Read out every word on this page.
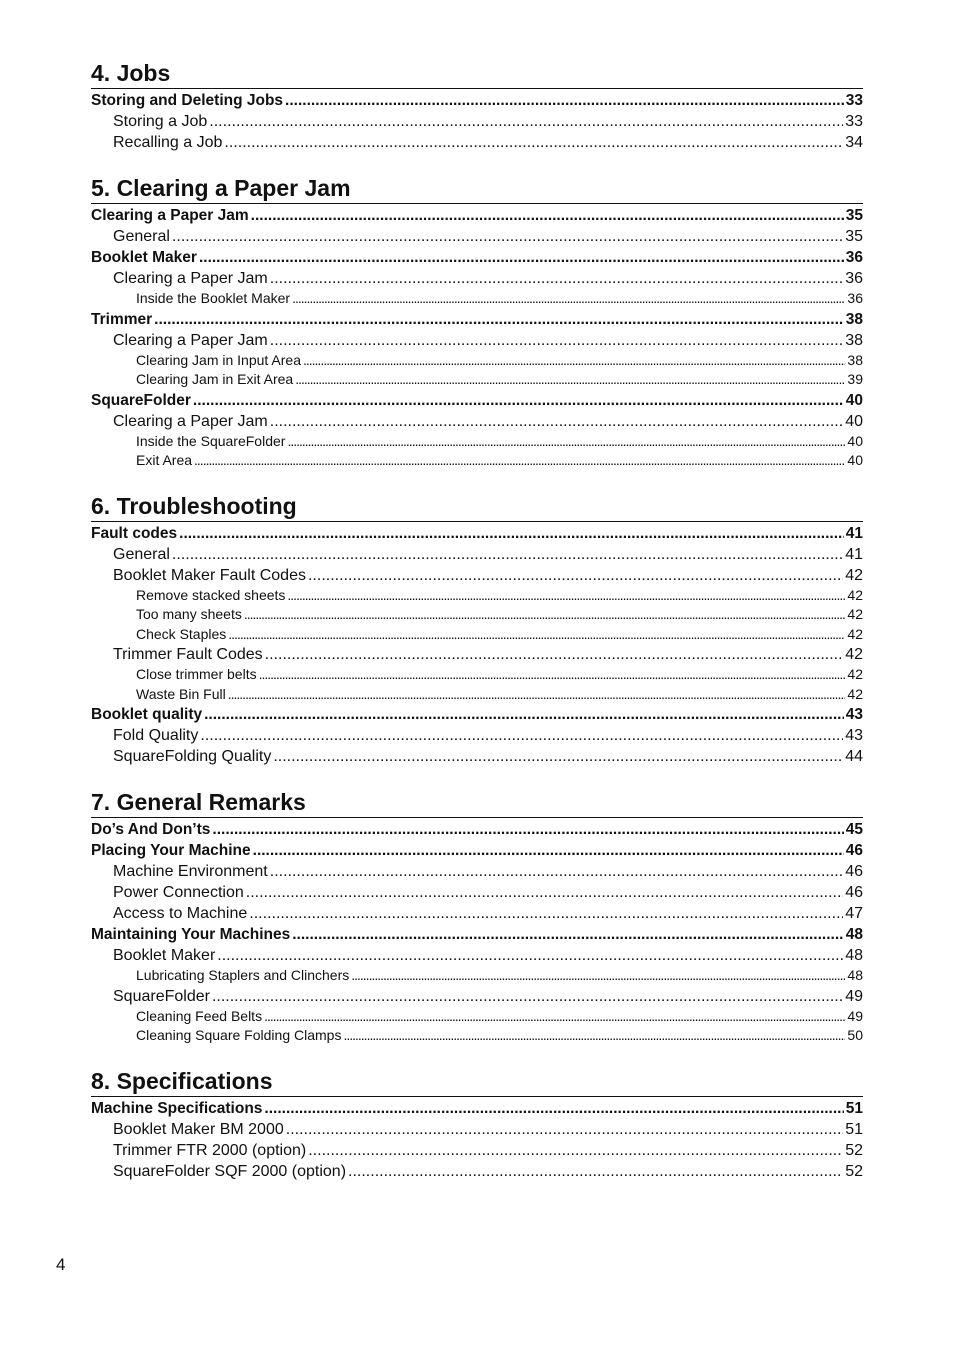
4. Jobs
Storing and Deleting Jobs .....	33
Storing a Job .....	33
Recalling a Job .....	34
5. Clearing a Paper Jam
Clearing a Paper Jam .....	35
General .....	35
Booklet Maker .....	36
Clearing a Paper Jam .....	36
Inside the Booklet Maker .....	36
Trimmer .....	38
Clearing a Paper Jam .....	38
Clearing Jam in Input Area .....	38
Clearing Jam in Exit Area .....	39
SquareFolder .....	40
Clearing a Paper Jam .....	40
Inside the SquareFolder .....	40
Exit Area .....	40
6. Troubleshooting
Fault codes .....	41
General .....	41
Booklet Maker Fault Codes .....	42
Remove stacked sheets .....	42
Too many sheets .....	42
Check Staples .....	42
Trimmer Fault Codes .....	42
Close trimmer belts .....	42
Waste Bin Full .....	42
Booklet quality .....	43
Fold Quality .....	43
SquareFolding Quality .....	44
7. General Remarks
Do’s And Don’ts .....	45
Placing Your Machine .....	46
Machine Environment .....	46
Power Connection .....	46
Access to Machine .....	47
Maintaining Your Machines .....	48
Booklet Maker .....	48
Lubricating Staplers and Clinchers .....	48
SquareFolder .....	49
Cleaning Feed Belts .....	49
Cleaning Square Folding Clamps .....	50
8. Specifications
Machine Specifications .....	51
Booklet Maker BM 2000 .....	51
Trimmer FTR 2000 (option) .....	52
SquareFolder SQF 2000 (option) .....	52
4
